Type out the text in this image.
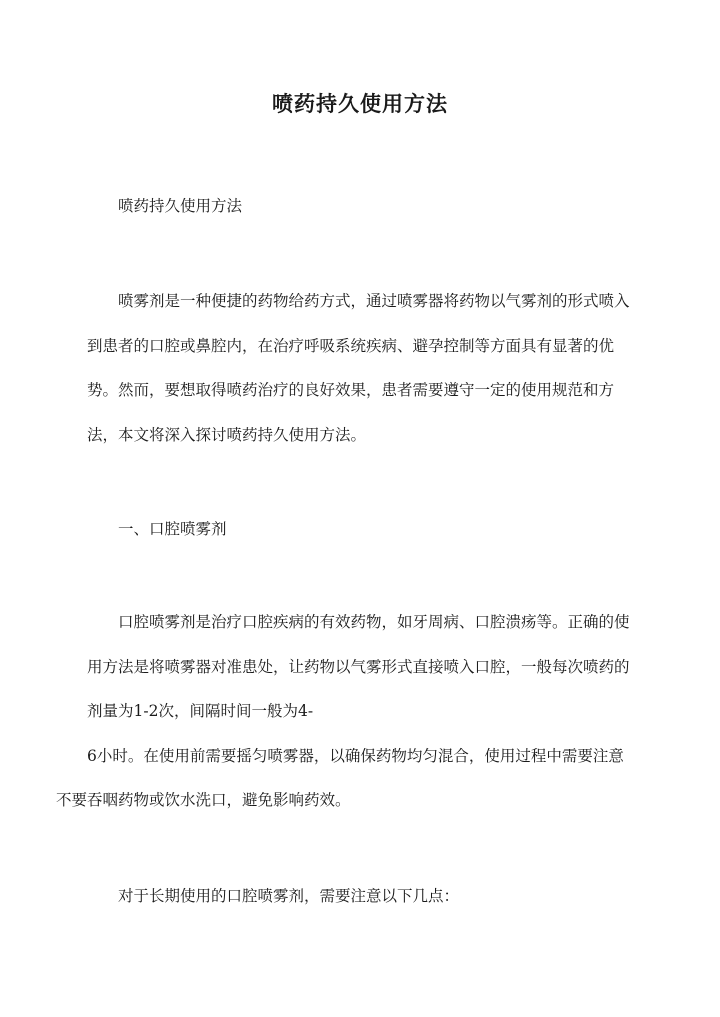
喷药持久使用方法

喷药持久使用方法

喷雾剂是一种便捷的药物给药方式，通过喷雾器将药物以气雾剂的形式喷入到患者的口腔或鼻腔内，在治疗呼吸系统疾病、避孕控制等方面具有显著的优势。然而，要想取得喷药治疗的良好效果，患者需要遵守一定的使用规范和方法，本文将深入探讨喷药持久使用方法。

一、口腔喷雾剂

口腔喷雾剂是治疗口腔疾病的有效药物，如牙周病、口腔溃疡等。正确的使用方法是将喷雾器对准患处，让药物以气雾形式直接喷入口腔，一般每次喷药的剂量为1-2次，间隔时间一般为4-
6小时。在使用前需要摇匀喷雾器，以确保药物均匀混合，使用过程中需要注意不要吞咽药物或饮水洗口，避免影响药效。

对于长期使用的口腔喷雾剂，需要注意以下几点：
